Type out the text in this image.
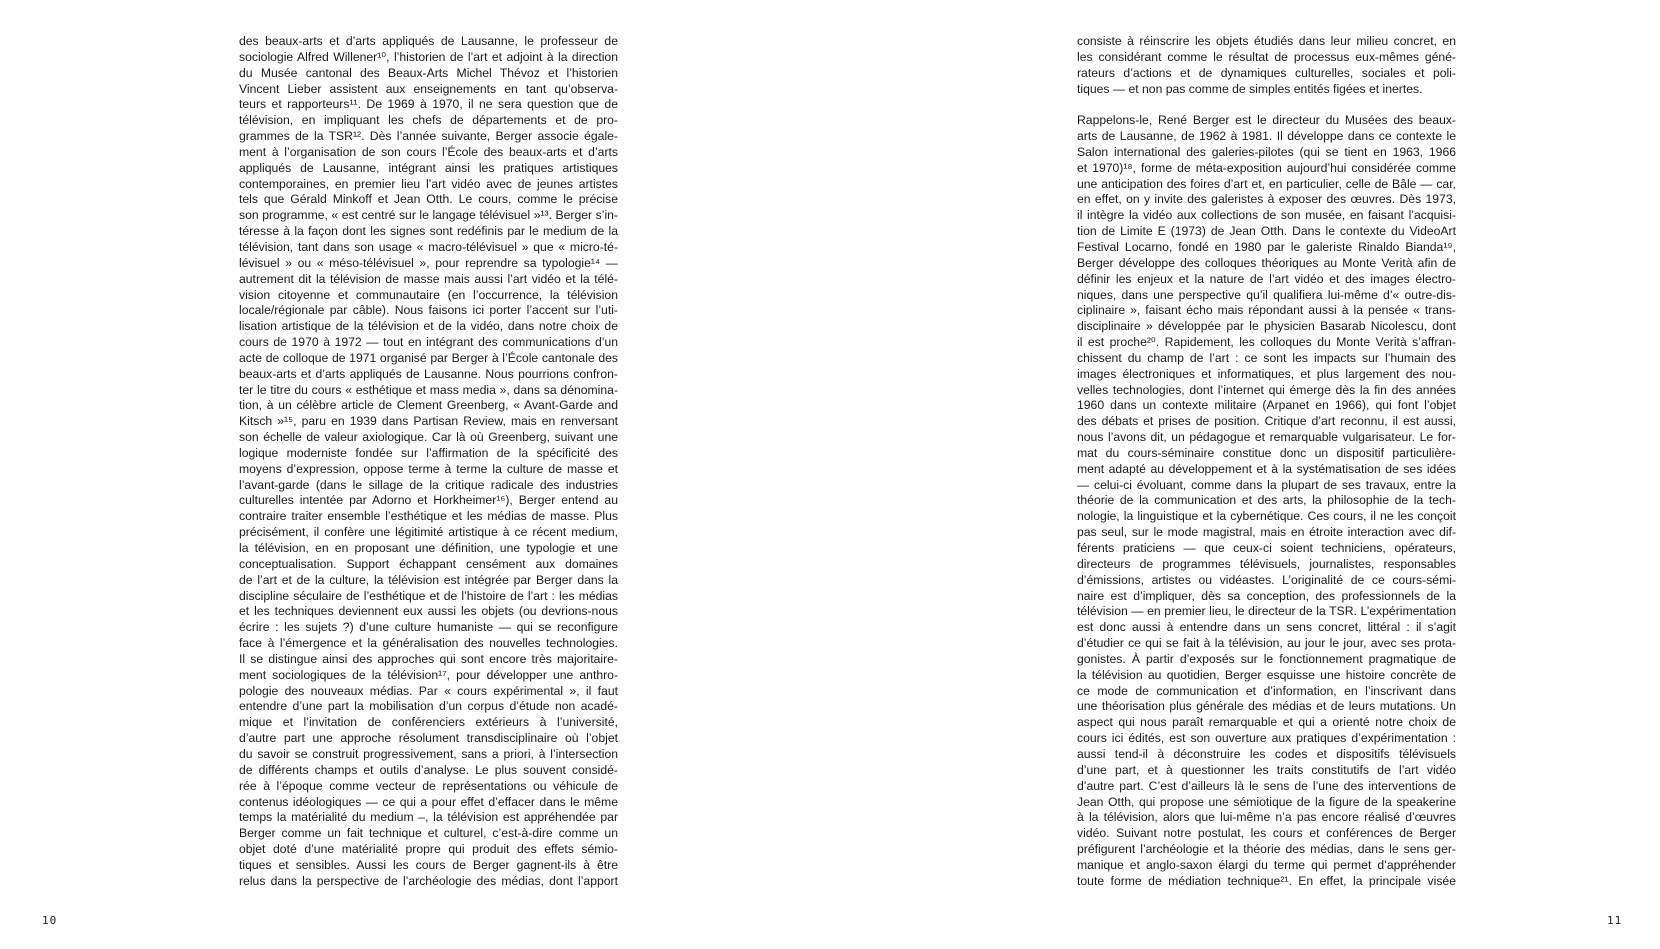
10	11

des beaux-arts et d’arts appliqués de Lausanne, le professeur de
sociologie Alfred Willener¹⁰, l’historien de l’art et adjoint à la direction
du Musée cantonal des Beaux-Arts Michel Thévoz et l’historien
Vincent Lieber assistent aux enseignements en tant qu’observa-
teurs et rapporteurs¹¹. De 1969 à 1970, il ne sera question que de
télévision, en impliquant les chefs de départements et de pro-
grammes de la TSR¹². Dès l’année suivante, Berger associe égale-
ment à l’organisation de son cours l’École des beaux-arts et d’arts
appliqués de Lausanne, intégrant ainsi les pratiques artistiques
contemporaines, en premier lieu l’art vidéo avec de jeunes artistes
tels que Gérald Minkoff et Jean Otth. Le cours, comme le précise
son programme, « est centré sur le langage télévisuel »¹³. Berger s’in-
téresse à la façon dont les signes sont redéfinis par le medium de la
télévision, tant dans son usage « macro-télévisuel » que « micro-té-
lévisuel » ou « méso-télévisuel », pour reprendre sa typologie¹⁴ —
autrement dit la télévision de masse mais aussi l’art vidéo et la télé-
vision citoyenne et communautaire (en l’occurrence, la télévision
locale/régionale par câble). Nous faisons ici porter l’accent sur l’uti-
lisation artistique de la télévision et de la vidéo, dans notre choix de
cours de 1970 à 1972 — tout en intégrant des communications d’un
acte de colloque de 1971 organisé par Berger à l’École cantonale des
beaux-arts et d’arts appliqués de Lausanne. Nous pourrions confron-
ter le titre du cours « esthétique et mass media », dans sa dénomina-
tion, à un célèbre article de Clement Greenberg, « Avant-Garde and
Kitsch »¹⁵, paru en 1939 dans Partisan Review, mais en renversant
son échelle de valeur axiologique. Car là où Greenberg, suivant une
logique moderniste fondée sur l’affirmation de la spécificité des
moyens d’expression, oppose terme à terme la culture de masse et
l’avant-garde (dans le sillage de la critique radicale des industries
culturelles intentée par Adorno et Horkheimer¹⁶), Berger entend au
contraire traiter ensemble l’esthétique et les médias de masse. Plus
précisément, il confère une légitimité artistique à ce récent medium,
la télévision, en en proposant une définition, une typologie et une
conceptualisation. Support échappant censément aux domaines
de l’art et de la culture, la télévision est intégrée par Berger dans la
discipline séculaire de l’esthétique et de l’histoire de l’art : les médias
et les techniques deviennent eux aussi les objets (ou devrions-nous
écrire : les sujets ?) d’une culture humaniste — qui se reconfigure
face à l’émergence et la généralisation des nouvelles technologies.
Il se distingue ainsi des approches qui sont encore très majoritaire-
ment sociologiques de la télévision¹⁷, pour développer une anthro-
pologie des nouveaux médias. Par « cours expérimental », il faut
entendre d’une part la mobilisation d’un corpus d’étude non acadé-
mique et l’invitation de conférenciers extérieurs à l’université,
d’autre part une approche résolument transdisciplinaire où l’objet
du savoir se construit progressivement, sans a priori, à l’intersection
de différents champs et outils d’analyse. Le plus souvent considé-
rée à l’époque comme vecteur de représentations ou véhicule de
contenus idéologiques — ce qui a pour effet d’effacer dans le même
temps la matérialité du medium –, la télévision est appréhendée par
Berger comme un fait technique et culturel, c’est-à-dire comme un
objet doté d’une matérialité propre qui produit des effets sémio-
tiques et sensibles. Aussi les cours de Berger gagnent-ils à être
relus dans la perspective de l’archéologie des médias, dont l’apport

consiste à réinscrire les objets étudiés dans leur milieu concret, en
les considérant comme le résultat de processus eux-mêmes géné-
rateurs d’actions et de dynamiques culturelles, sociales et poli-
tiques — et non pas comme de simples entités figées et inertes.

Rappelons-le, René Berger est le directeur du Musées des beaux-
arts de Lausanne, de 1962 à 1981. Il développe dans ce contexte le
Salon international des galeries-pilotes (qui se tient en 1963, 1966
et 1970)¹⁸, forme de méta-exposition aujourd’hui considérée comme
une anticipation des foires d’art et, en particulier, celle de Bâle — car,
en effet, on y invite des galeristes à exposer des œuvres. Dès 1973,
il intègre la vidéo aux collections de son musée, en faisant l’acquisi-
tion de Limite E (1973) de Jean Otth. Dans le contexte du VideoArt
Festival Locarno, fondé en 1980 par le galeriste Rinaldo Bianda¹⁹,
Berger développe des colloques théoriques au Monte Verità afin de
définir les enjeux et la nature de l’art vidéo et des images électro-
niques, dans une perspective qu’il qualifiera lui-même d’« outre-dis-
ciplinaire », faisant écho mais répondant aussi à la pensée « trans-
disciplinaire » développée par le physicien Basarab Nicolescu, dont
il est proche²⁰. Rapidement, les colloques du Monte Verità s’affran-
chissent du champ de l’art : ce sont les impacts sur l’humain des
images électroniques et informatiques, et plus largement des nou-
velles technologies, dont l’internet qui émerge dès la fin des années
1960 dans un contexte militaire (Arpanet en 1966), qui font l’objet
des débats et prises de position. Critique d’art reconnu, il est aussi,
nous l’avons dit, un pédagogue et remarquable vulgarisateur. Le for-
mat du cours-séminaire constitue donc un dispositif particulière-
ment adapté au développement et à la systématisation de ses idées
— celui-ci évoluant, comme dans la plupart de ses travaux, entre la
théorie de la communication et des arts, la philosophie de la tech-
nologie, la linguistique et la cybernétique. Ces cours, il ne les conçoit
pas seul, sur le mode magistral, mais en étroite interaction avec dif-
férents praticiens — que ceux-ci soient techniciens, opérateurs,
directeurs de programmes télévisuels, journalistes, responsables
d’émissions, artistes ou vidéastes. L’originalité de ce cours-sémi-
naire est d’impliquer, dès sa conception, des professionnels de la
télévision — en premier lieu, le directeur de la TSR. L’expérimentation
est donc aussi à entendre dans un sens concret, littéral : il s’agit
d’étudier ce qui se fait à la télévision, au jour le jour, avec ses prota-
gonistes. À partir d’exposés sur le fonctionnement pragmatique de
la télévision au quotidien, Berger esquisse une histoire concrète de
ce mode de communication et d’information, en l’inscrivant dans
une théorisation plus générale des médias et de leurs mutations. Un
aspect qui nous paraît remarquable et qui a orienté notre choix de
cours ici édités, est son ouverture aux pratiques d’expérimentation :
aussi tend-il à déconstruire les codes et dispositifs télévisuels
d’une part, et à questionner les traits constitutifs de l’art vidéo
d’autre part. C’est d’ailleurs là le sens de l’une des interventions de
Jean Otth, qui propose une sémiotique de la figure de la speakerine
à la télévision, alors que lui-même n’a pas encore réalisé d’œuvres
vidéo. Suivant notre postulat, les cours et conférences de Berger
préfigurent l’archéologie et la théorie des médias, dans le sens ger-
manique et anglo-saxon élargi du terme qui permet d’appréhender
toute forme de médiation technique²¹. En effet, la principale visée
